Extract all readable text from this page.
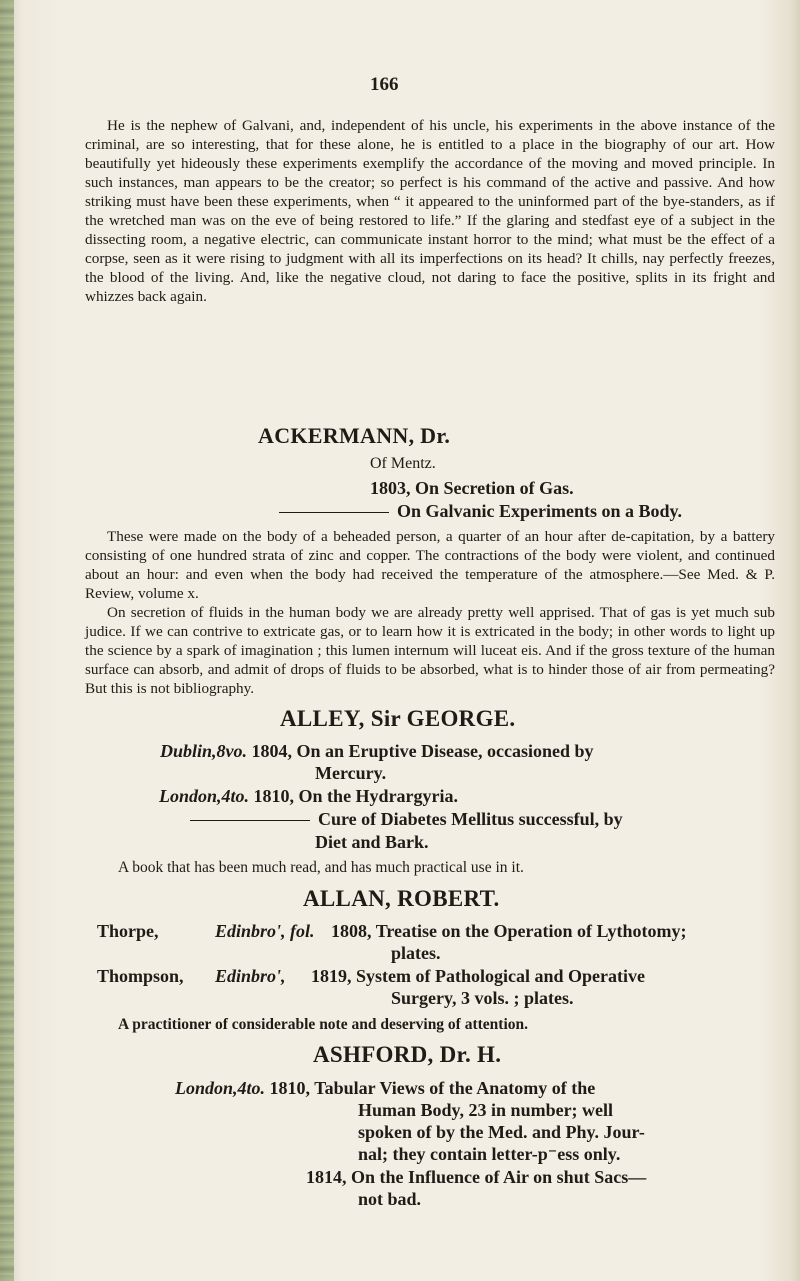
166

He is the nephew of Galvani, and, independent of his uncle, his experiments in the above instance of the criminal, are so interesting, that for these alone, he is entitled to a place in the biography of our art. How beautifully yet hideously these experiments exemplify the accordance of the moving and moved principle. In such instances, man appears to be the creator; so perfect is his command of the active and passive. And how striking must have been these experiments, when “ it appeared to the uninformed part of the bye-standers, as if the wretched man was on the eve of being restored to life.” If the glaring and stedfast eye of a subject in the dissecting room, a negative electric, can communicate instant horror to the mind; what must be the effect of a corpse, seen as it were rising to judgment with all its imperfections on its head? It chills, nay perfectly freezes, the blood of the living. And, like the negative cloud, not daring to face the positive, splits in its fright and whizzes back again.

ACKERMANN, Dr.
Of Mentz.
1803, On Secretion of Gas.
On Galvanic Experiments on a Body.

These were made on the body of a beheaded person, a quarter of an hour after de-capitation, by a battery consisting of one hundred strata of zinc and copper. The contractions of the body were violent, and continued about an hour: and even when the body had received the temperature of the atmosphere.—See Med. & P. Review, volume x.

On secretion of fluids in the human body we are already pretty well apprised. That of gas is yet much sub judice. If we can contrive to extricate gas, or to learn how it is extricated in the body; in other words to light up the science by a spark of imagination ; this lumen internum will luceat eis. And if the gross texture of the human surface can absorb, and admit of drops of fluids to be absorbed, what is to hinder those of air from permeating? But this is not bibliography.

ALLEY, Sir GEORGE.
Dublin,8vo. 1804, On an Eruptive Disease, occasioned by
Mercury.
London,4to. 1810, On the Hydrargyria.
Cure of Diabetes Mellitus successful, by
Diet and Bark.
A book that has been much read, and has much practical use in it.
ALLAN, ROBERT.
Thorpe,	Edinbro', fol. 1808, Treatise on the Operation of Lythotomy;
plates.
Thompson, Edinbro', 1819, System of Pathological and Operative
Surgery, 3 vols. ; plates.
A practitioner of considerable note and deserving of attention.
ASHFORD, Dr. H.
London,4to. 1810, Tabular Views of the Anatomy of the
Human Body, 23 in number; well
spoken of by the Med. and Phy. Jour-
nal; they contain letter-p⁻ess only.
1814, On the Influence of Air on shut Sacs—
not bad.
